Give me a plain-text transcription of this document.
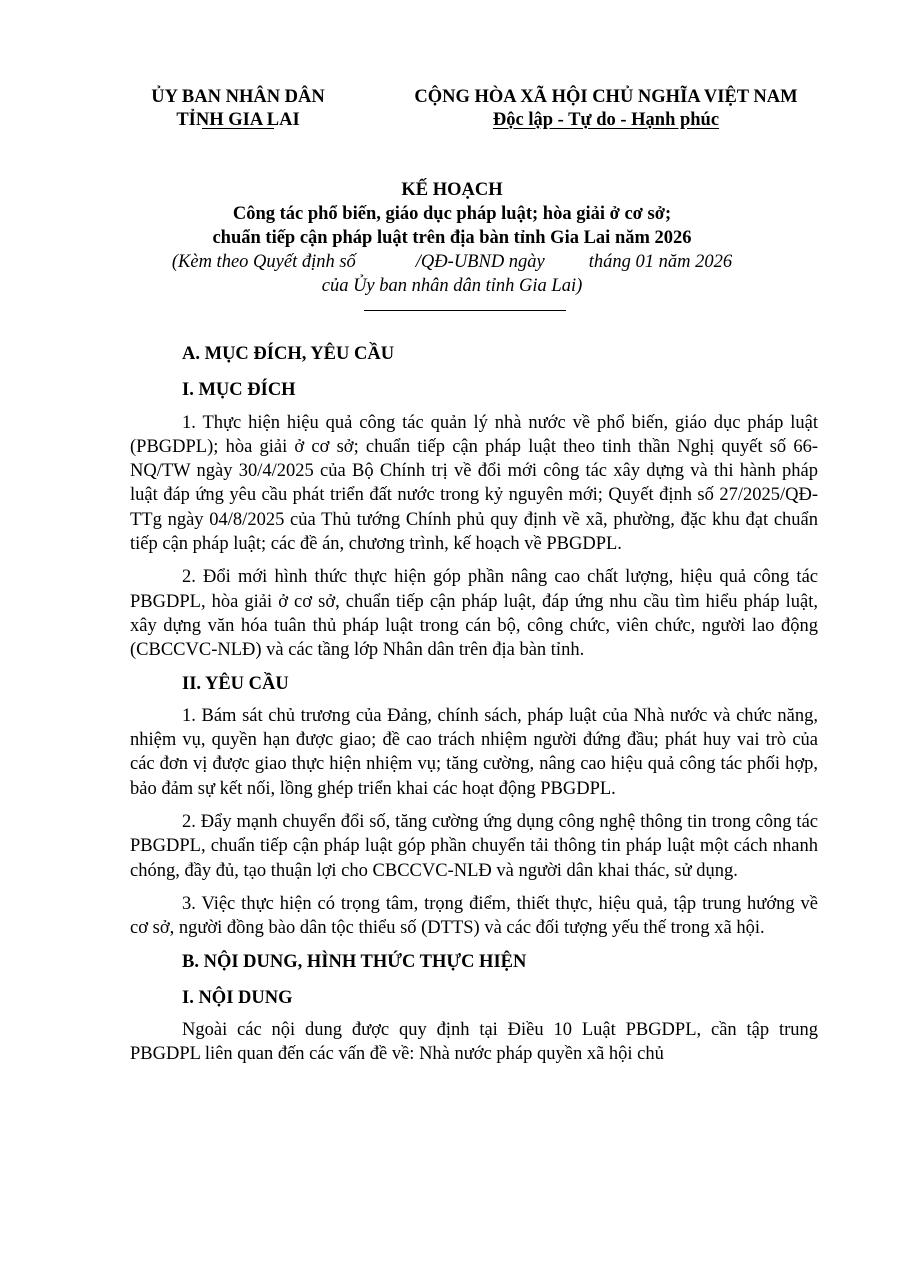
ỦY BAN NHÂN DÂN
TỈNH GIA LAI
CỘNG HÒA XÃ HỘI CHỦ NGHĨA VIỆT NAM
Độc lập - Tự do - Hạnh phúc
KẾ HOẠCH
Công tác phổ biến, giáo dục pháp luật; hòa giải ở cơ sở;
chuẩn tiếp cận pháp luật trên địa bàn tỉnh Gia Lai năm 2026
(Kèm theo Quyết định số	/QĐ-UBND ngày tháng 01 năm 2026
của Ủy ban nhân dân tỉnh Gia Lai)

A. MỤC ĐÍCH, YÊU CẦU

I. MỤC ĐÍCH

1. Thực hiện hiệu quả công tác quản lý nhà nước về phổ biến, giáo dục pháp luật (PBGDPL); hòa giải ở cơ sở; chuẩn tiếp cận pháp luật theo tinh thần Nghị quyết số 66-NQ/TW ngày 30/4/2025 của Bộ Chính trị về đổi mới công tác xây dựng và thi hành pháp luật đáp ứng yêu cầu phát triển đất nước trong kỷ nguyên mới; Quyết định số 27/2025/QĐ-TTg ngày 04/8/2025 của Thủ tướng Chính phủ quy định về xã, phường, đặc khu đạt chuẩn tiếp cận pháp luật; các đề án, chương trình, kế hoạch về PBGDPL.

2. Đổi mới hình thức thực hiện góp phần nâng cao chất lượng, hiệu quả công tác PBGDPL, hòa giải ở cơ sở, chuẩn tiếp cận pháp luật, đáp ứng nhu cầu tìm hiểu pháp luật, xây dựng văn hóa tuân thủ pháp luật trong cán bộ, công chức, viên chức, người lao động (CBCCVC-NLĐ) và các tầng lớp Nhân dân trên địa bàn tỉnh.

II. YÊU CẦU

1. Bám sát chủ trương của Đảng, chính sách, pháp luật của Nhà nước và chức năng, nhiệm vụ, quyền hạn được giao; đề cao trách nhiệm người đứng đầu; phát huy vai trò của các đơn vị được giao thực hiện nhiệm vụ; tăng cường, nâng cao hiệu quả công tác phối hợp, bảo đảm sự kết nối, lồng ghép triển khai các hoạt động PBGDPL.

2. Đẩy mạnh chuyển đổi số, tăng cường ứng dụng công nghệ thông tin trong công tác PBGDPL, chuẩn tiếp cận pháp luật góp phần chuyển tải thông tin pháp luật một cách nhanh chóng, đầy đủ, tạo thuận lợi cho CBCCVC-NLĐ và người dân khai thác, sử dụng.

3. Việc thực hiện có trọng tâm, trọng điểm, thiết thực, hiệu quả, tập trung hướng về cơ sở, người đồng bào dân tộc thiểu số (DTTS) và các đối tượng yếu thế trong xã hội.

B. NỘI DUNG, HÌNH THỨC THỰC HIỆN

I. NỘI DUNG

Ngoài các nội dung được quy định tại Điều 10 Luật PBGDPL, cần tập trung PBGDPL liên quan đến các vấn đề về: Nhà nước pháp quyền xã hội chủ
